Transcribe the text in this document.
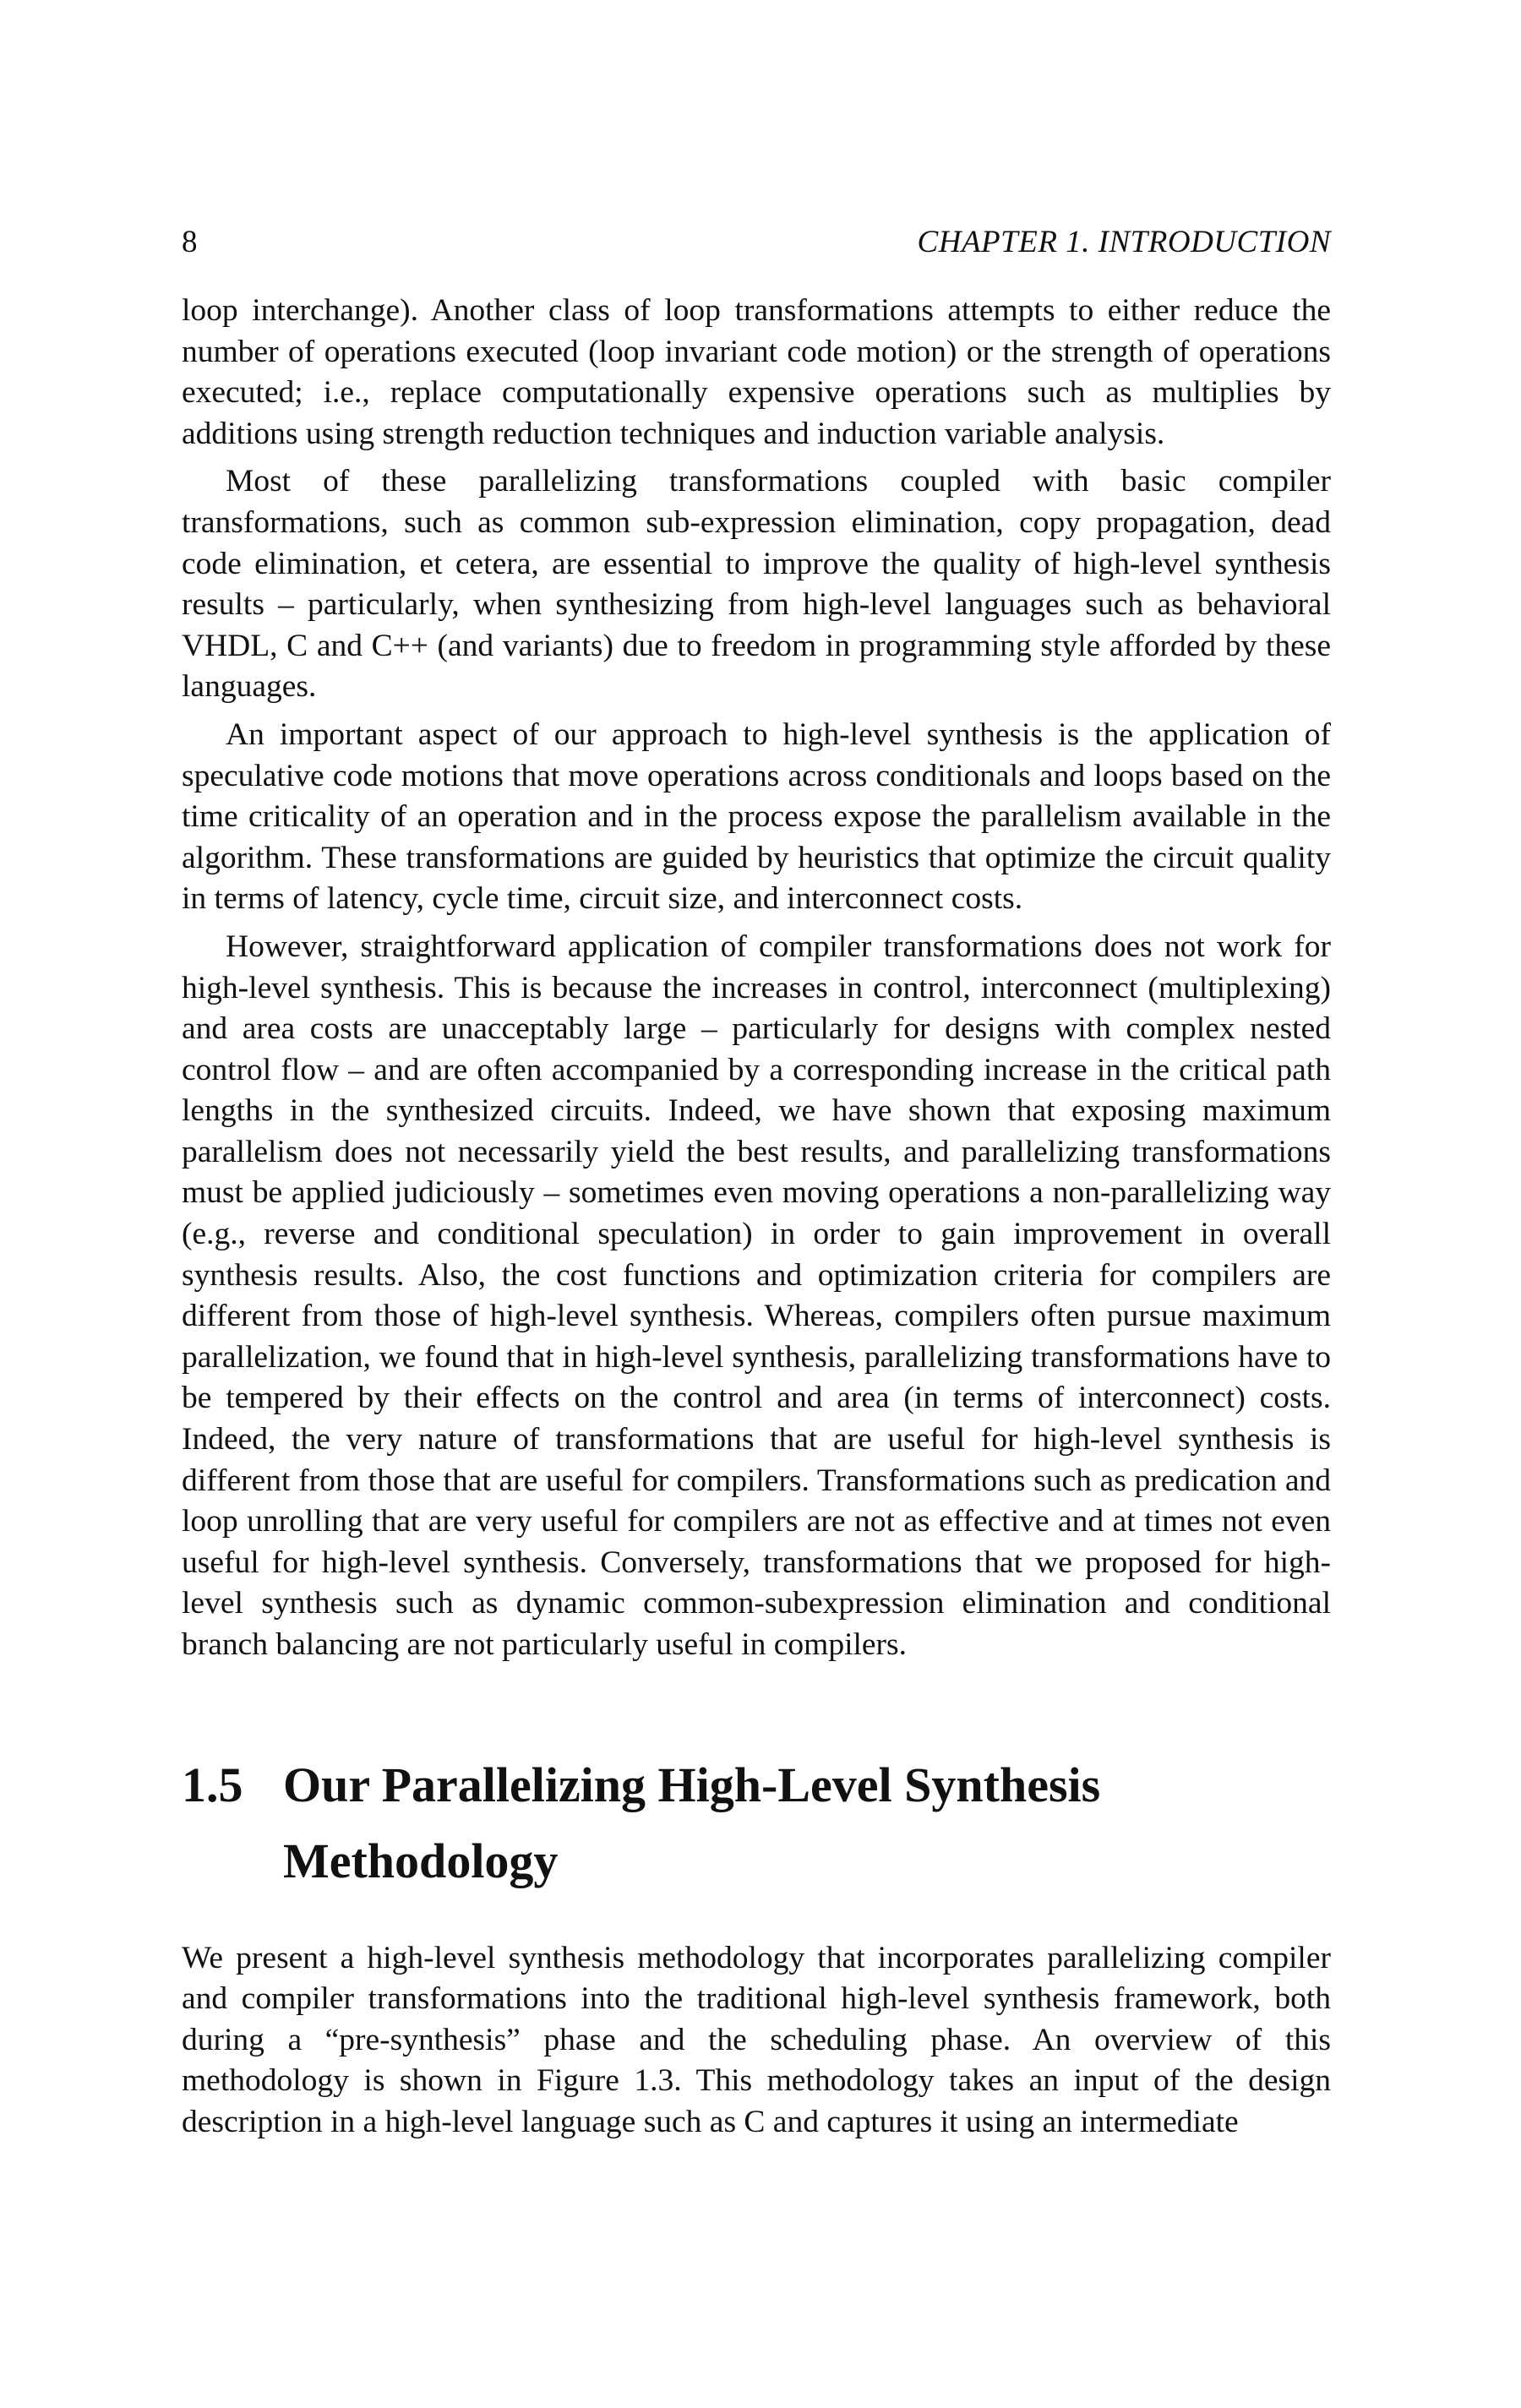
8	CHAPTER 1. INTRODUCTION

loop interchange). Another class of loop transformations attempts to either reduce the number of operations executed (loop invariant code motion) or the strength of operations executed; i.e., replace computationally expensive operations such as multiplies by additions using strength reduction techniques and induction variable analysis.

Most of these parallelizing transformations coupled with basic compiler transformations, such as common sub-expression elimination, copy propagation, dead code elimination, et cetera, are essential to improve the quality of high-level synthesis results – particularly, when synthesizing from high-level languages such as behavioral VHDL, C and C++ (and variants) due to freedom in programming style afforded by these languages.

An important aspect of our approach to high-level synthesis is the application of speculative code motions that move operations across conditionals and loops based on the time criticality of an operation and in the process expose the parallelism available in the algorithm. These transformations are guided by heuristics that optimize the circuit quality in terms of latency, cycle time, circuit size, and interconnect costs.

However, straightforward application of compiler transformations does not work for high-level synthesis. This is because the increases in control, interconnect (multiplexing) and area costs are unacceptably large – particularly for designs with complex nested control flow – and are often accompanied by a corresponding increase in the critical path lengths in the synthesized circuits. Indeed, we have shown that exposing maximum parallelism does not necessarily yield the best results, and parallelizing transformations must be applied judiciously – sometimes even moving operations a non-parallelizing way (e.g., reverse and conditional speculation) in order to gain improvement in overall synthesis results. Also, the cost functions and optimization criteria for compilers are different from those of high-level synthesis. Whereas, compilers often pursue maximum parallelization, we found that in high-level synthesis, parallelizing transformations have to be tempered by their effects on the control and area (in terms of interconnect) costs. Indeed, the very nature of transformations that are useful for high-level synthesis is different from those that are useful for compilers. Transformations such as predication and loop unrolling that are very useful for compilers are not as effective and at times not even useful for high-level synthesis. Conversely, transformations that we proposed for high-level synthesis such as dynamic common-subexpression elimination and conditional branch balancing are not particularly useful in compilers.

1.5 Our Parallelizing High-Level Synthesis Methodology

We present a high-level synthesis methodology that incorporates parallelizing compiler and compiler transformations into the traditional high-level synthesis framework, both during a “pre-synthesis” phase and the scheduling phase. An overview of this methodology is shown in Figure 1.3. This methodology takes an input of the design description in a high-level language such as C and captures it using an intermediate
